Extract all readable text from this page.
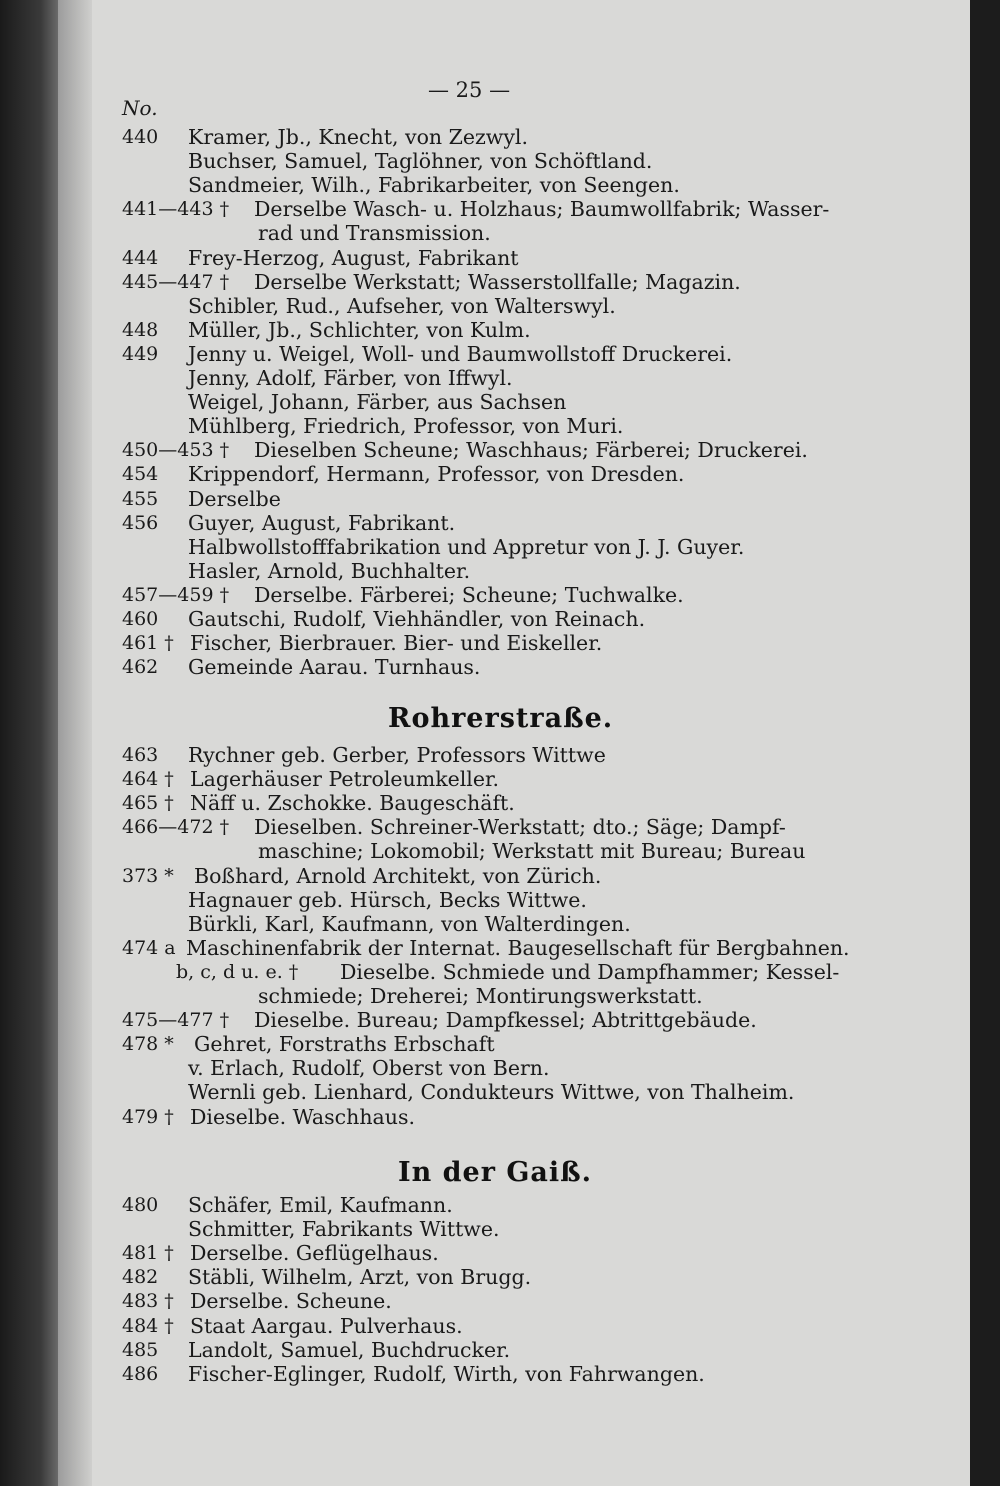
— 25 —
No.
440 Kramer, Jb., Knecht, von Zezwyl.
Buchser, Samuel, Taglöhner, von Schöftland.
Sandmeier, Wilh., Fabrikarbeiter, von Seengen.
441—443 † Derselbe Wasch- u. Holzhaus; Baumwollfabrik; Wasser-
rad und Transmission.
444 Frey-Herzog, August, Fabrikant
445—447 † Derselbe Werkstatt; Wasserstollfalle; Magazin.
Schibler, Rud., Aufseher, von Walterswyl.
448 Müller, Jb., Schlichter, von Kulm.
449 Jenny u. Weigel, Woll- und Baumwollstoff Druckerei.
Jenny, Adolf, Färber, von Iffwyl.
Weigel, Johann, Färber, aus Sachsen
Mühlberg, Friedrich, Professor, von Muri.
450—453 † Dieselben Scheune; Waschhaus; Färberei; Druckerei.
454 Krippendorf, Hermann, Professor, von Dresden.
455 Derselbe
456 Guyer, August, Fabrikant.
Halbwollstofffabrikation und Appretur von J. J. Guyer.
Hasler, Arnold, Buchhalter.
457—459 † Derselbe. Färberei; Scheune; Tuchwalke.
460 Gautschi, Rudolf, Viehhändler, von Reinach.
461 † Fischer, Bierbrauer. Bier- und Eiskeller.
462 Gemeinde Aarau. Turnhaus.
Rohrerstraße.
463 Rychner geb. Gerber, Professors Wittwe
464 † Lagerhäuser Petroleumkeller.
465 † Näff u. Zschokke. Baugeschäft.
466—472 † Dieselben. Schreiner-Werkstatt; dto.; Säge; Dampf-
maschine; Lokomobil; Werkstatt mit Bureau; Bureau
373 * Boßhard, Arnold Architekt, von Zürich.
Hagnauer geb. Hürsch, Becks Wittwe.
Bürkli, Karl, Kaufmann, von Walterdingen.
474 a Maschinenfabrik der Internat. Baugesellschaft für Bergbahnen.
b, c, d u. e. † Dieselbe. Schmiede und Dampfhammer; Kessel-
schmiede; Dreherei; Montirungswerkstatt.
475—477 † Dieselbe. Bureau; Dampfkessel; Abtrittgebäude.
478 * Gehret, Forstraths Erbschaft
v. Erlach, Rudolf, Oberst von Bern.
Wernli geb. Lienhard, Condukteurs Wittwe, von Thalheim.
479 † Dieselbe. Waschhaus.
In der Gaiß.
480 Schäfer, Emil, Kaufmann.
Schmitter, Fabrikants Wittwe.
481 † Derselbe. Geflügelhaus.
482 Stäbli, Wilhelm, Arzt, von Brugg.
483 † Derselbe. Scheune.
484 † Staat Aargau. Pulverhaus.
485 Landolt, Samuel, Buchdrucker.
486 Fischer-Eglinger, Rudolf, Wirth, von Fahrwangen.
